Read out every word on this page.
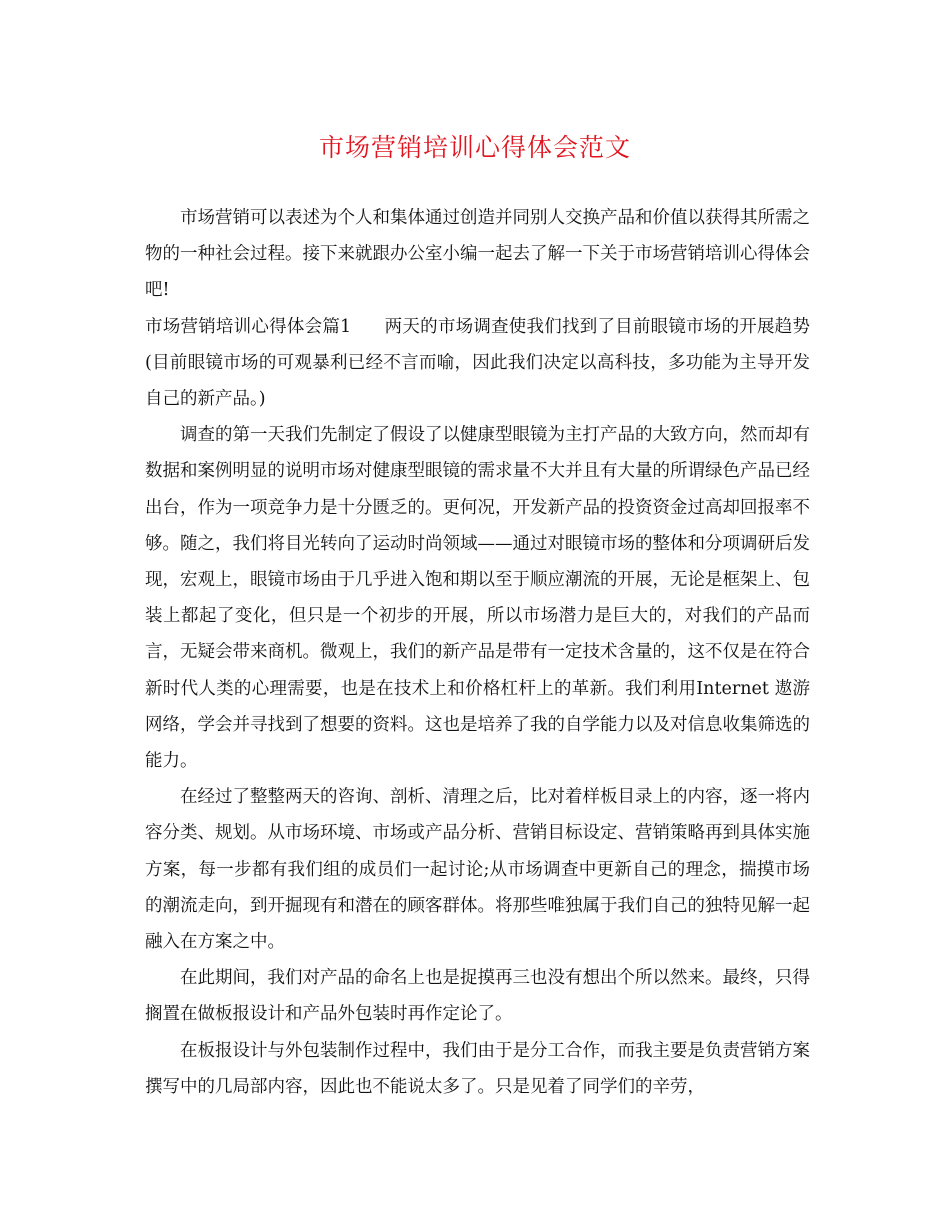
市场营销培训心得体会范文

市场营销可以表述为个人和集体通过创造并同别人交换产品和价值以获得其所需之物的一种社会过程。接下来就跟办公室小编一起去了解一下关于市场营销培训心得体会吧!

市场营销培训心得体会篇1 两天的市场调查使我们找到了目前眼镜市场的开展趋势(目前眼镜市场的可观暴利已经不言而喻，因此我们决定以高科技，多功能为主导开发自己的新产品。)

调查的第一天我们先制定了假设了以健康型眼镜为主打产品的大致方向，然而却有数据和案例明显的说明市场对健康型眼镜的需求量不大并且有大量的所谓绿色产品已经出台，作为一项竞争力是十分匮乏的。更何况，开发新产品的投资资金过高却回报率不够。随之，我们将目光转向了运动时尚领域——通过对眼镜市场的整体和分项调研后发现，宏观上，眼镜市场由于几乎进入饱和期以至于顺应潮流的开展，无论是框架上、包装上都起了变化，但只是一个初步的开展，所以市场潜力是巨大的，对我们的产品而言，无疑会带来商机。微观上，我们的新产品是带有一定技术含量的，这不仅是在符合新时代人类的心理需要，也是在技术上和价格杠杆上的革新。我们利用Internet 遨游网络，学会并寻找到了想要的资料。这也是培养了我的自学能力以及对信息收集筛选的能力。

在经过了整整两天的咨询、剖析、清理之后，比对着样板目录上的内容，逐一将内容分类、规划。从市场环境、市场或产品分析、营销目标设定、营销策略再到具体实施方案，每一步都有我们组的成员们一起讨论;从市场调查中更新自己的理念，揣摸市场的潮流走向，到开掘现有和潜在的顾客群体。将那些唯独属于我们自己的独特见解一起融入在方案之中。

在此期间，我们对产品的命名上也是捉摸再三也没有想出个所以然来。最终，只得搁置在做板报设计和产品外包装时再作定论了。

在板报设计与外包装制作过程中，我们由于是分工合作，而我主要是负责营销方案撰写中的几局部内容，因此也不能说太多了。只是见着了同学们的辛劳，
